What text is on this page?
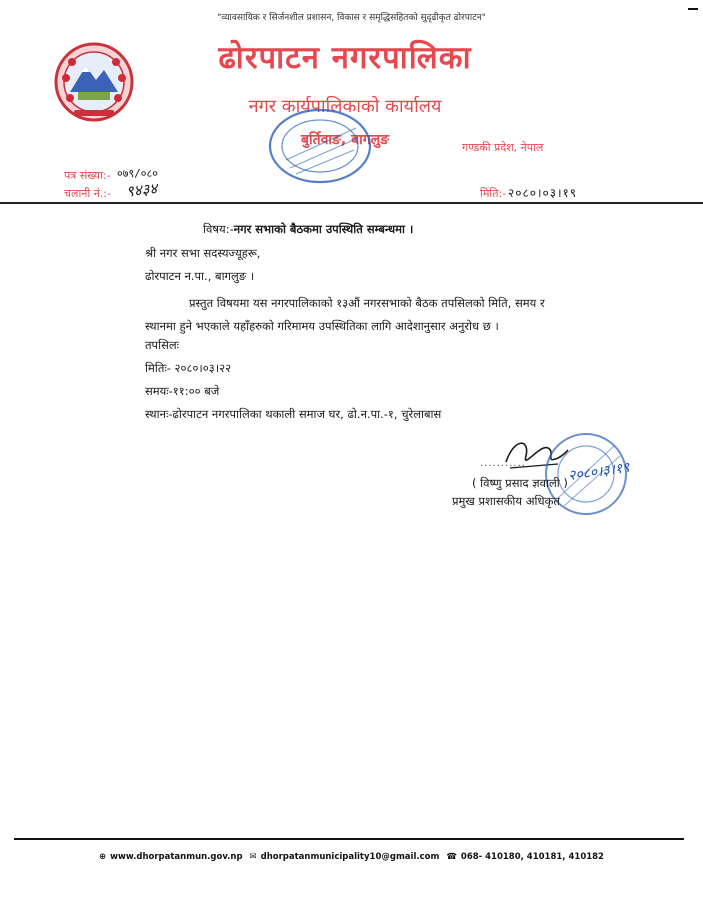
"व्यावसायिक र सिर्जनशील प्रशासन, विकास र समृद्धिसहितको सुदृढीकृत ढोरपाटन"
ढोरपाटन नगरपालिका
नगर कार्यपालिकाको कार्यालय
बुर्तिवाङ, बागलुङ	गण्डकी प्रदेश, नेपाल
पत्र संख्या:- ०७९/०८०
चलानी नं.:- ९४३४	मिति:- २०८०।०३।१९
विषय:-नगर सभाको बैठकमा उपस्थिति सम्बन्धमा ।
श्री नगर सभा सदस्यज्यूहरू,
ढोरपाटन न.पा., बागलुङ ।
प्रस्तुत विषयमा यस नगरपालिकाको १३औं नगरसभाको बैठक तपसिलको मिति, समय र स्थानमा हुने भएकाले यहाँहरुको गरिमामय उपस्थितिका लागि आदेशानुसार अनुरोध छ ।
तपसिलः
मितिः- २०८०।०३।२२
समयः-११:०० बजे
स्थानः-ढोरपाटन नगरपालिका थकाली समाज घर, ढो.न.पा.-१, चुरेलाबास
...........	२०८०।३।१९
( विष्णु प्रसाद ज्ञवाली )
प्रमुख प्रशासकीय अधिकृत
⊕ www.dhorpatanmun.gov.np ✉ dhorpatanmunicipality10@gmail.com ☎ 068- 410180, 410181, 410182
